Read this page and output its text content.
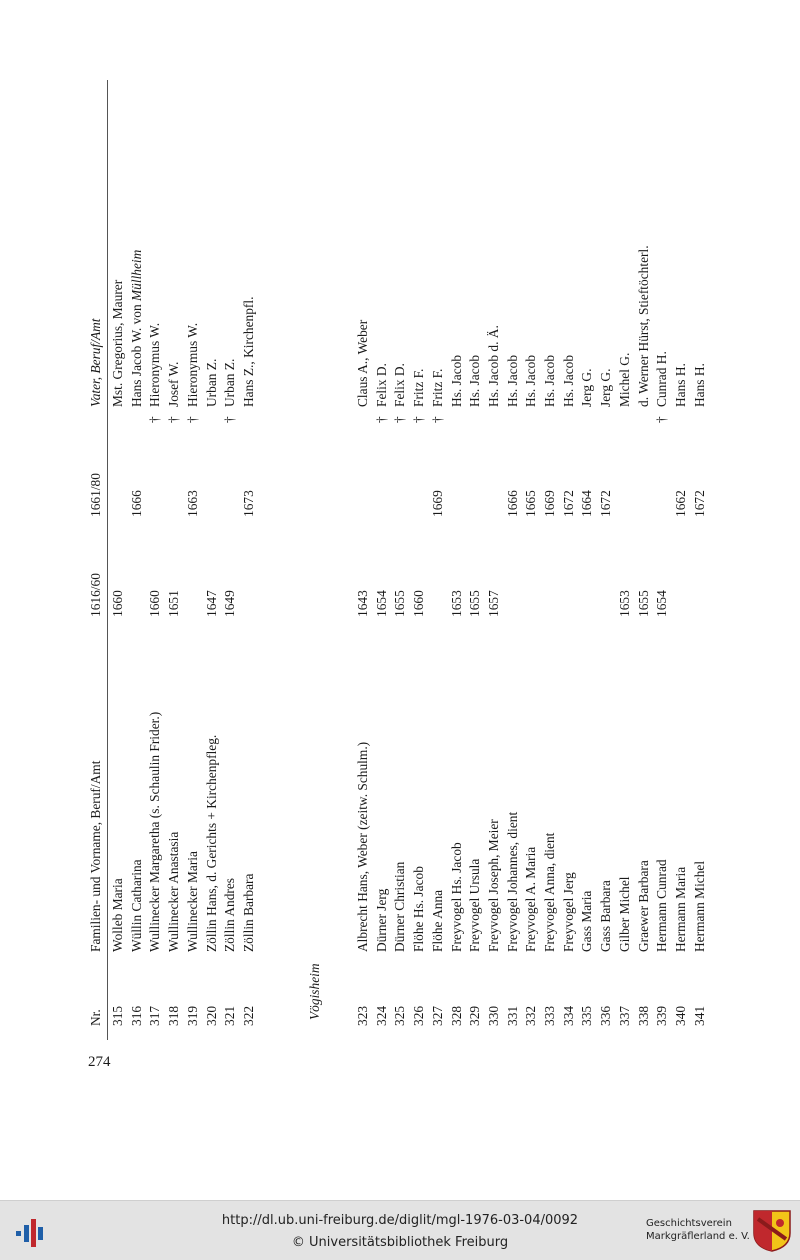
274
Nr.
Familien- und Vorname, Beruf/Amt
1616/60
1661/80
Vater, Beruf/Amt
315
Wolleb Maria
1660
Mst. Gregorius, Maurer
316
Wüllin Catharina
1666
Hans Jacob W. von Müllheim
317
Wullinecker Margaretha (s. Schaulin Frider.)
1660
†
Hieronymus W.
318
Wullinecker Anastasia
1651
†
Josef W.
319
Wullinecker Maria
1663
†
Hieronymus W.
320
Zöllin Hans, d. Gerichts + Kirchenpfleg.
1647
Urban Z.
321
Zöllin Andres
1649
†
Urban Z.
322
Zöllin Barbara
1673
Hans Z., Kirchenpfl.
Vögisheim 323
Albrecht Hans, Weber (zeitw. Schulm.)
1643
Claus A., Weber
324
Dürner Jerg
1654
†
Felix D.
325
Dürner Christian
1655
†
Felix D.
326
Flöhe Hs. Jacob
1660
†
Fritz F.
327
Flöhe Anna
1669
†
Fritz F.
328
Freyvogel Hs. Jacob
1653
Hs. Jacob
329
Freyvogel Ursula
1655
Hs. Jacob
330
Freyvogel Joseph, Meier
1657
Hs. Jacob d. Ä.
331
Freyvogel Johannes, dient
1666
Hs. Jacob
332
Freyvogel A. Maria
1665
Hs. Jacob
333
Freyvogel Anna, dient
1669
Hs. Jacob
334
Freyvogel Jerg
1672
Hs. Jacob
335
Gass Maria
1664
Jerg G.
336
Gass Barbara
1672
Jerg G.
337
Gilber Michel
1653
Michel G.
338
Graewer Barbara
1655
d. Werner Hürst, Stieftöchterl.
339
Hermann Cunrad
1654
†
Cunrad H.
340
Hermann Maria
1662
Hans H.
341
Hermann Michel
1672
Hans H.
http://dl.ub.uni-freiburg.de/diglit/mgl-1976-03-04/0092
© Universitätsbibliothek Freiburg
Geschichtsverein
Markgräflerland e. V.
